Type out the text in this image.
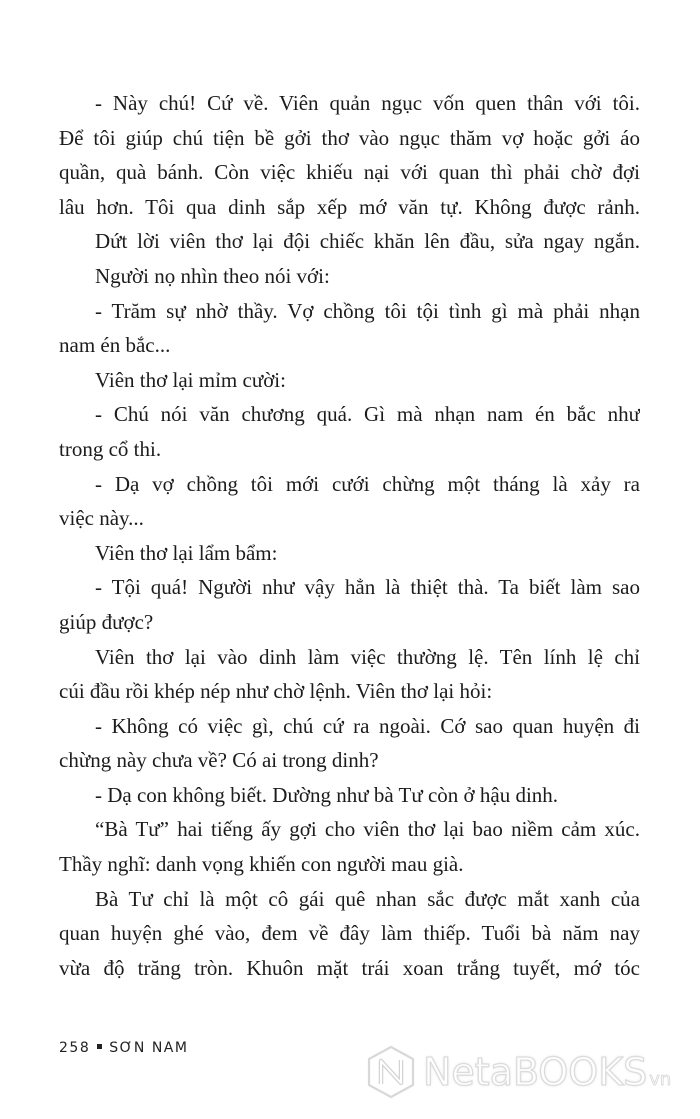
- Này chú! Cứ về. Viên quản ngục vốn quen thân với tôi.
Để tôi giúp chú tiện bề gởi thơ vào ngục thăm vợ hoặc gởi áo
quần, quà bánh. Còn việc khiếu nại với quan thì phải chờ đợi
lâu hơn. Tôi qua dinh sắp xếp mớ văn tự. Không được rảnh.
Dứt lời viên thơ lại đội chiếc khăn lên đầu, sửa ngay ngắn.
Người nọ nhìn theo nói với:
- Trăm sự nhờ thầy. Vợ chồng tôi tội tình gì mà phải nhạn
nam én bắc...
Viên thơ lại mỉm cười:
- Chú nói văn chương quá. Gì mà nhạn nam én bắc như
trong cổ thi.
- Dạ vợ chồng tôi mới cưới chừng một tháng là xảy ra
việc này...
Viên thơ lại lẩm bẩm:
- Tội quá! Người như vậy hẳn là thiệt thà. Ta biết làm sao
giúp được?
Viên thơ lại vào dinh làm việc thường lệ. Tên lính lệ chỉ
cúi đầu rồi khép nép như chờ lệnh. Viên thơ lại hỏi:
- Không có việc gì, chú cứ ra ngoài. Cớ sao quan huyện đi
chừng này chưa về? Có ai trong dinh?
- Dạ con không biết. Dường như bà Tư còn ở hậu dinh.
“Bà Tư” hai tiếng ấy gợi cho viên thơ lại bao niềm cảm xúc.
Thầy nghĩ: danh vọng khiến con người mau già.
Bà Tư chỉ là một cô gái quê nhan sắc được mắt xanh của
quan huyện ghé vào, đem về đây làm thiếp. Tuổi bà năm nay
vừa độ trăng tròn. Khuôn mặt trái xoan trắng tuyết, mớ tóc
258 SƠN NAM
NetaBOOKS vn
